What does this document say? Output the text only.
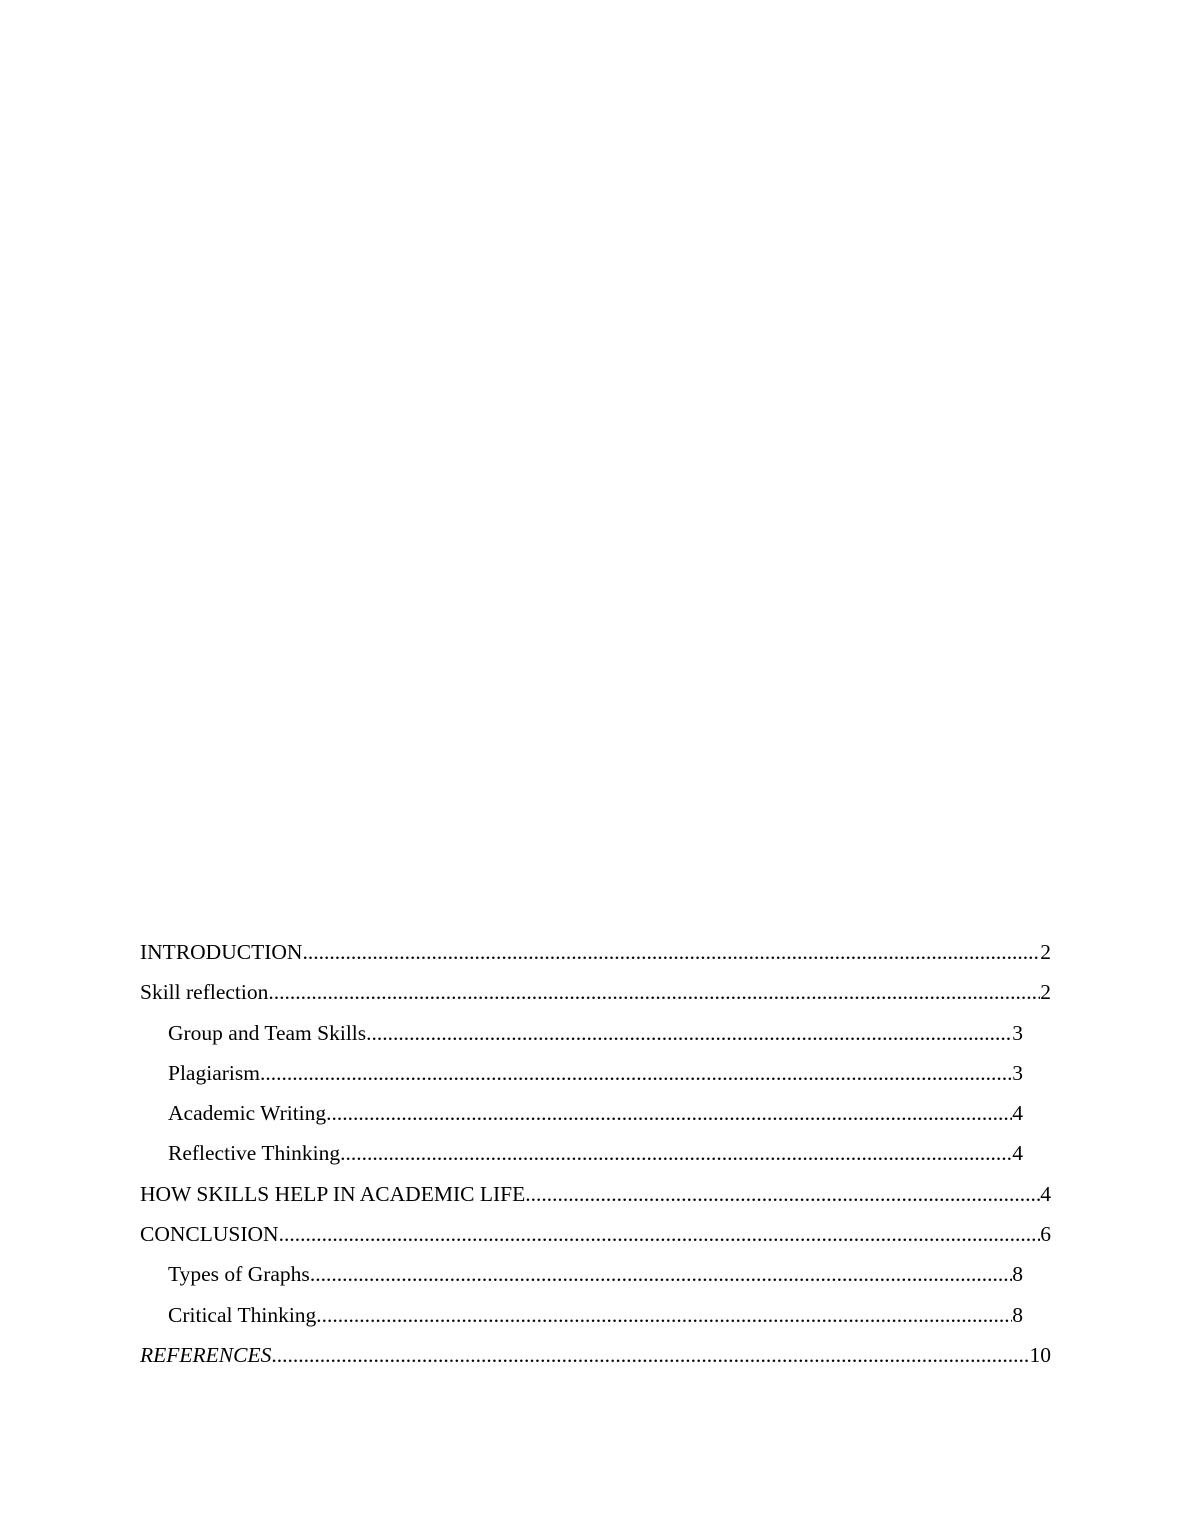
INTRODUCTION .....	2
Skill reflection .....	2
Group and Team Skills .....	3
Plagiarism .....	3
Academic Writing .....	4
Reflective Thinking .....	4
HOW SKILLS HELP IN ACADEMIC LIFE .....	4
CONCLUSION .....	6
Types of Graphs .....	8
Critical Thinking .....	8
REFERENCES .....	10
